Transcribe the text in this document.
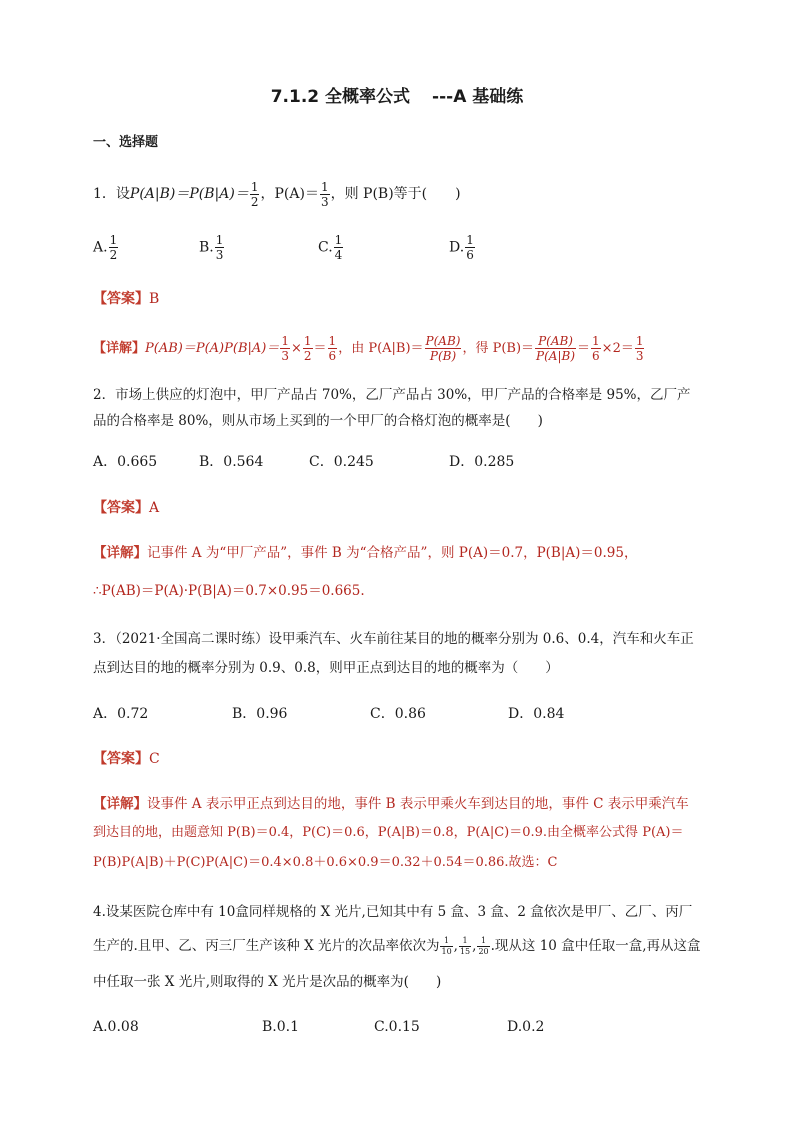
7.1.2 全概率公式 ---A 基础练
一、选择题
1．设$P(A|B)=P(B|A)= \frac{1}{2}$ ，$P(A)= \frac{1}{3}$ ，则 P(B)等于(　　)
A. $\frac{1}{2}$	B. $\frac{1}{3}$	C. $\frac{1}{4}$	D. $\frac{1}{6}$
【答案】B
【详解】$P(AB)=P(A)P(B|A)= \frac{1}{3} \times \frac{1}{2} = \frac{1}{6}$ ，由 $P(A|B)= \frac{P(AB)}{P(B)}$ ，得 $P(B)= \frac{P(AB)}{P(A|B)} = \frac{1}{6} \times 2= \frac{1}{3}$
2．市场上供应的灯泡中，甲厂产品占 70%，乙厂产品占 30%，甲厂产品的合格率是 95%，乙厂产
品的合格率是 80%，则从市场上买到的一个甲厂的合格灯泡的概率是(　　)
A．0.665	B．0.564	C．0.245	D．0.285
【答案】A
【详解】记事件 A 为“甲厂产品”，事件 B 为“合格产品”，则 P(A)＝0.7，P(B|A)＝0.95，
∴P(AB)＝P(A)·P(B|A)＝0.7×0.95＝0.665.
3．（2021·全国高二课时练）设甲乘汽车、火车前往某目的地的概率分别为 0.6、0.4，汽车和火车正
点到达目的地的概率分别为 0.9、0.8，则甲正点到达目的地的概率为（　　）
A．0.72	B．0.96	C．0.86	D．0.84
【答案】C
【详解】设事件 A 表示甲正点到达目的地，事件 B 表示甲乘火车到达目的地，事件 C 表示甲乘汽车
到达目的地，由题意知 P(B)＝0.4，P(C)＝0.6，P(A|B)＝0.8，P(A|C)＝0.9.由全概率公式得 P(A)＝
P(B)P(A|B)＋P(C)P(A|C)＝0.4×0.8＋0.6×0.9＝0.32＋0.54＝0.86.故选：C
4.设某医院仓库中有 10盒同样规格的 X 光片,已知其中有 5 盒、3 盒、2 盒依次是甲厂、乙厂、丙厂
生产的.且甲、乙、丙三厂生产该种 X 光片的次品率依次为 $\frac{1}{10}$ , $\frac{1}{15}$ , $\frac{1}{20}$ .现从这 10 盒中任取一盒,再从这盒
中任取一张 X 光片,则取得的 X 光片是次品的概率为(　　)
A.0.08	B.0.1	C.0.15	D.0.2
